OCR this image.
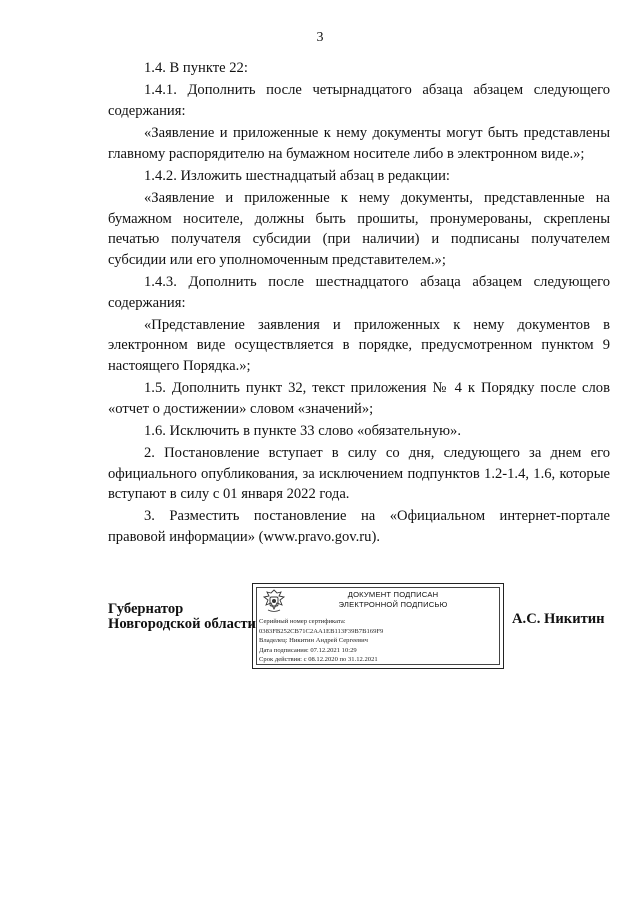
3

1.4. В пункте 22:

1.4.1. Дополнить после четырнадцатого абзаца абзацем следующего содержания:

«Заявление и приложенные к нему документы могут быть представлены главному распорядителю на бумажном носителе либо в электронном виде.»;

1.4.2. Изложить шестнадцатый абзац в редакции:

«Заявление и приложенные к нему документы, представленные на бумажном носителе, должны быть прошиты, пронумерованы, скреплены печатью получателя субсидии (при наличии) и подписаны получателем субсидии или его уполномоченным представителем.»;

1.4.3. Дополнить после шестнадцатого абзаца абзацем следующего содержания:

«Представление заявления и приложенных к нему документов в электронном виде осуществляется в порядке, предусмотренном пунктом 9 настоящего Порядка.»;

1.5. Дополнить пункт 32, текст приложения № 4 к Порядку после слов «отчет о достижении» словом «значений»;

1.6. Исключить в пункте 33 слово «обязательную».

2. Постановление вступает в силу со дня, следующего за днем его официального опубликования, за исключением подпунктов 1.2-1.4, 1.6, которые вступают в силу с 01 января 2022 года.

3. Разместить постановление на «Официальном интернет-портале правовой информации» (www.pravo.gov.ru).

Губернатор
Новгородской области
ДОКУМЕНТ ПОДПИСАН
ЭЛЕКТРОННОЙ ПОДПИСЬЮ
Серийный номер сертификата:
0383FB252CB71C2AA1EB113F39B7B169F9
Владелец: Никитин Андрей Сергеевич
Дата подписания: 07.12.2021 10:29
Срок действия: с 08.12.2020 по 31.12.2021
А.С. Никитин
